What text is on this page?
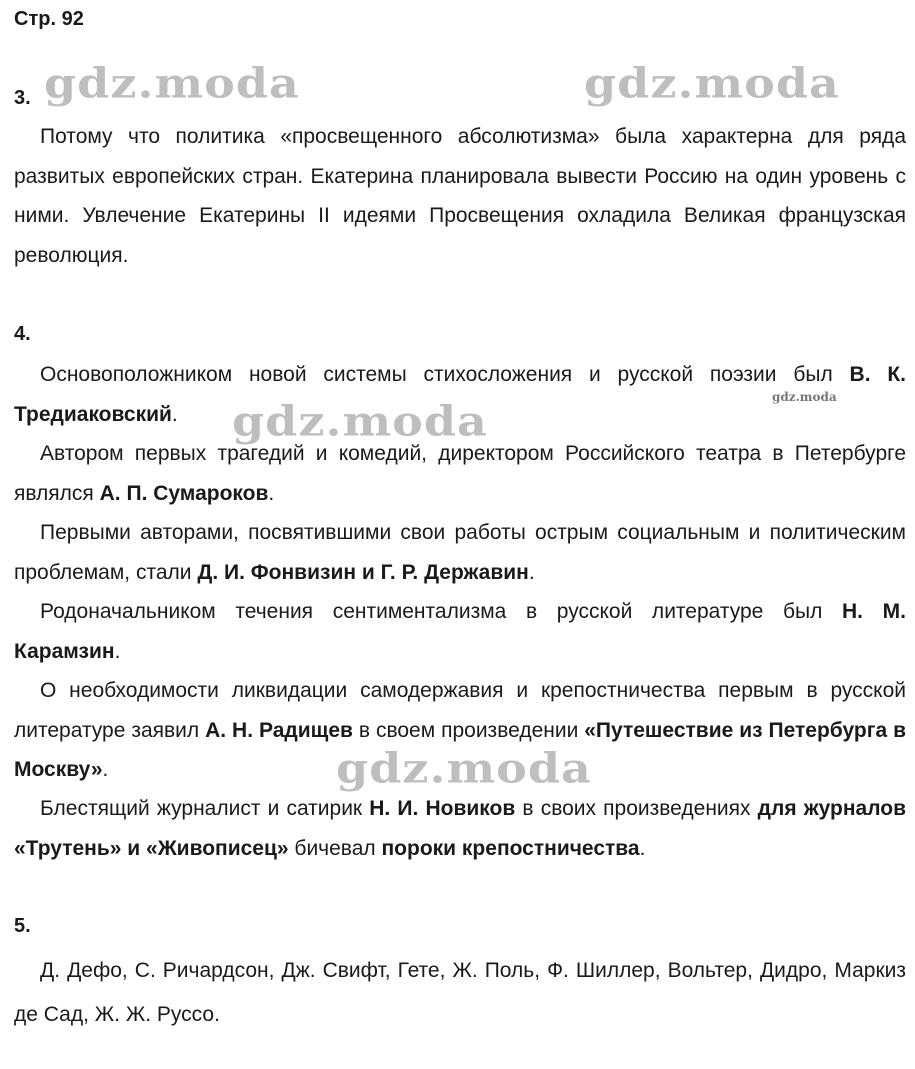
Стр. 92
gdz.moda	gdz.moda
gdz.moda	gdz.moda
gdz.moda
3.
Потому что политика «просвещенного абсолютизма» была характерна для ряда развитых европейских стран. Екатерина планировала вывести Россию на один уровень с ними. Увлечение Екатерины II идеями Просвещения охладила Великая французская революция.
4.
Основоположником новой системы стихосложения и русской поэзии был В. К. Тредиаковский.
Автором первых трагедий и комедий, директором Российского театра в Петербурге являлся А. П. Сумароков.
Первыми авторами, посвятившими свои работы острым социальным и политическим проблемам, стали Д. И. Фонвизин и Г. Р. Державин.
Родоначальником течения сентиментализма в русской литературе был Н. М. Карамзин.
О необходимости ликвидации самодержавия и крепостничества первым в русской литературе заявил А. Н. Радищев в своем произведении «Путешествие из Петербурга в Москву».
Блестящий журналист и сатирик Н. И. Новиков в своих произведениях для журналов «Трутень» и «Живописец» бичевал пороки крепостничества.
5.
Д. Дефо, С. Ричардсон, Дж. Свифт, Гете, Ж. Поль, Ф. Шиллер, Вольтер, Дидро, Маркиз де Сад, Ж. Ж. Руссо.
